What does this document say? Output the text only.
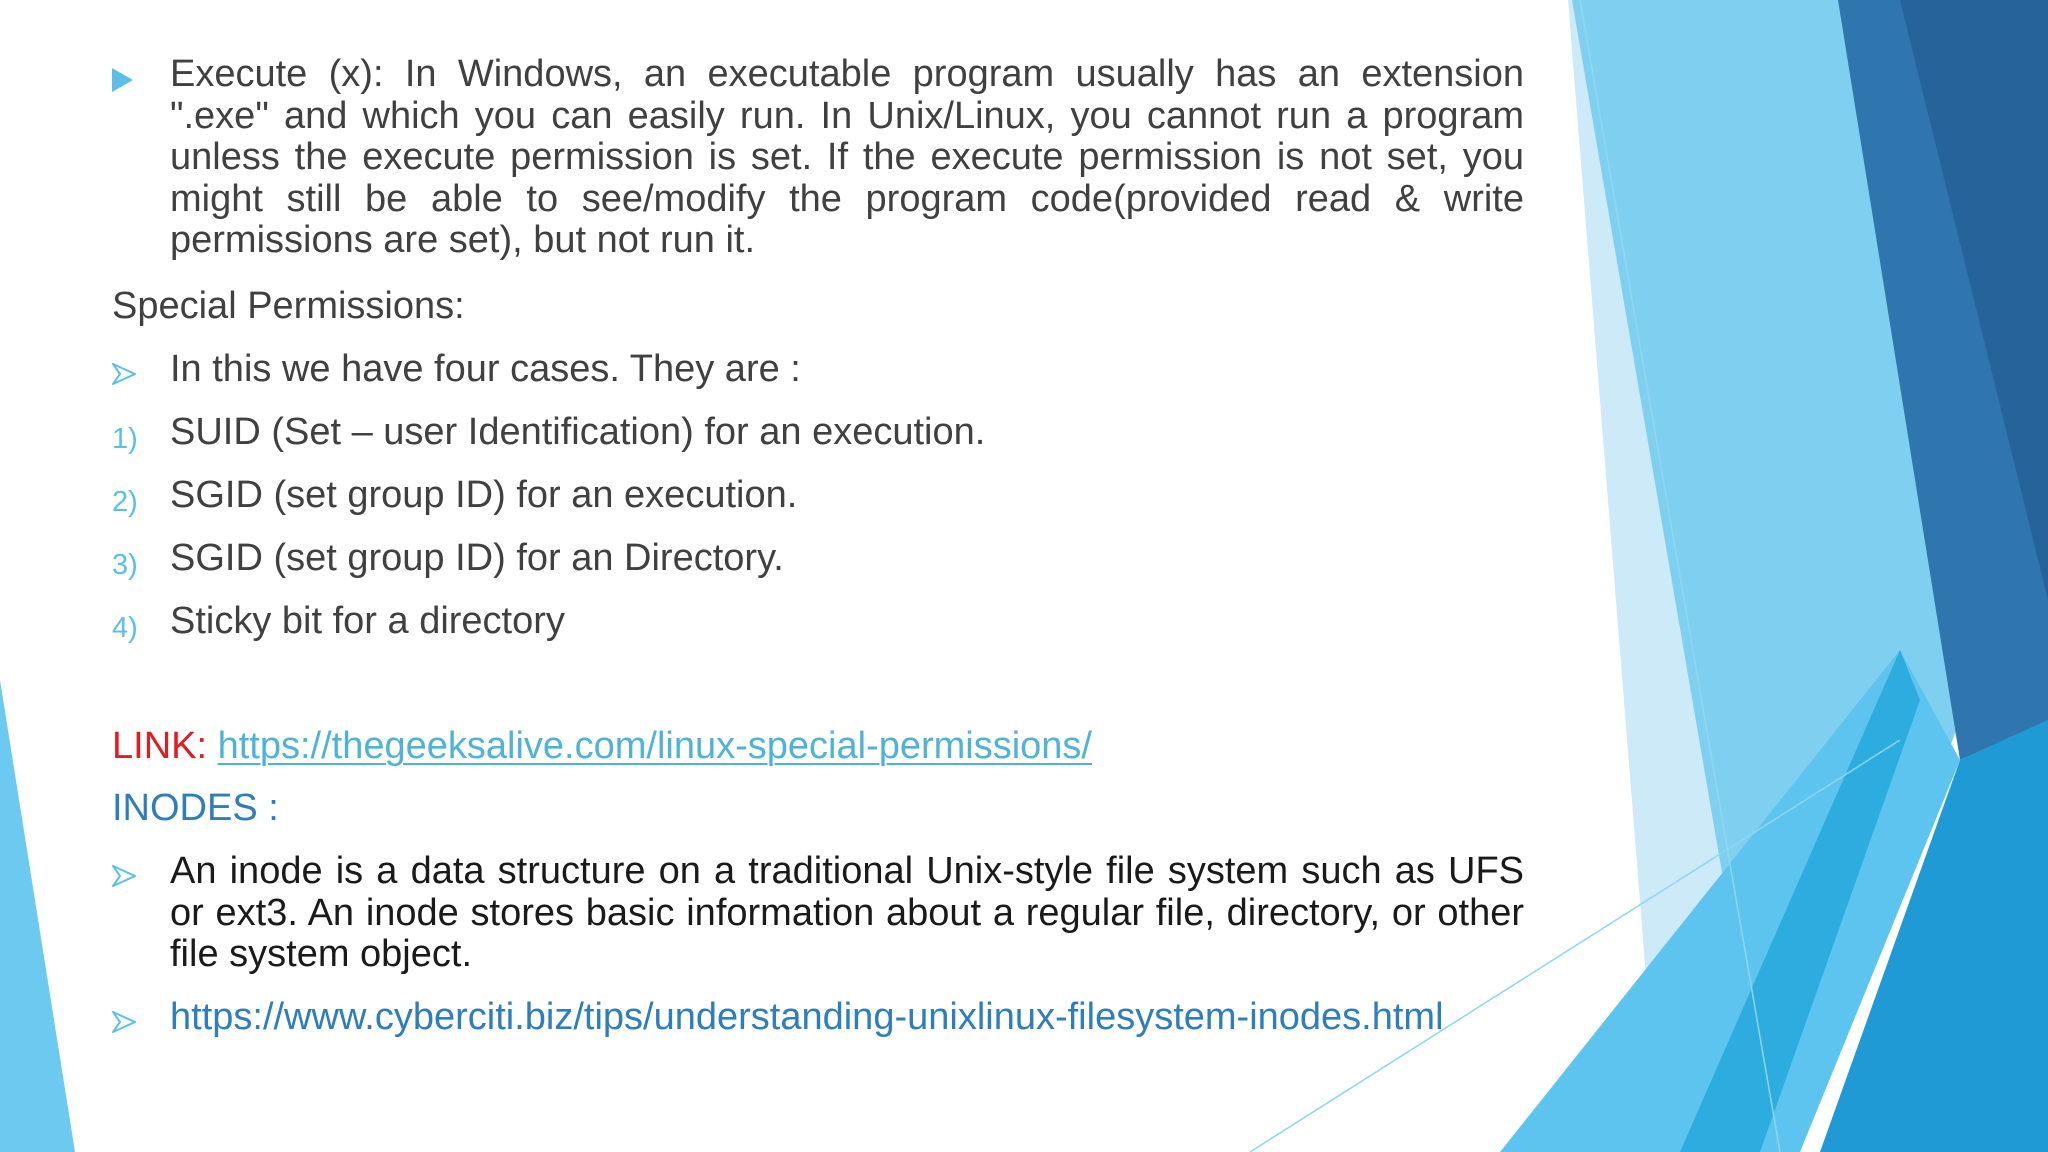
Execute (x): In Windows, an executable program usually has an extension ".exe" and which you can easily run. In Unix/Linux, you cannot run a program unless the execute permission is set. If the execute permission is not set, you might still be able to see/modify the program code(provided read & write permissions are set), but not run it.
Special Permissions:
In this we have four cases. They are :
1) SUID (Set – user Identification) for an execution.
2) SGID (set group ID) for an execution.
3) SGID (set group ID) for an Directory.
4) Sticky bit for a directory
LINK: https://thegeeksalive.com/linux-special-permissions/
INODES :
An inode is a data structure on a traditional Unix-style file system such as UFS or ext3. An inode stores basic information about a regular file, directory, or other file system object.
https://www.cyberciti.biz/tips/understanding-unixlinux-filesystem-inodes.html
